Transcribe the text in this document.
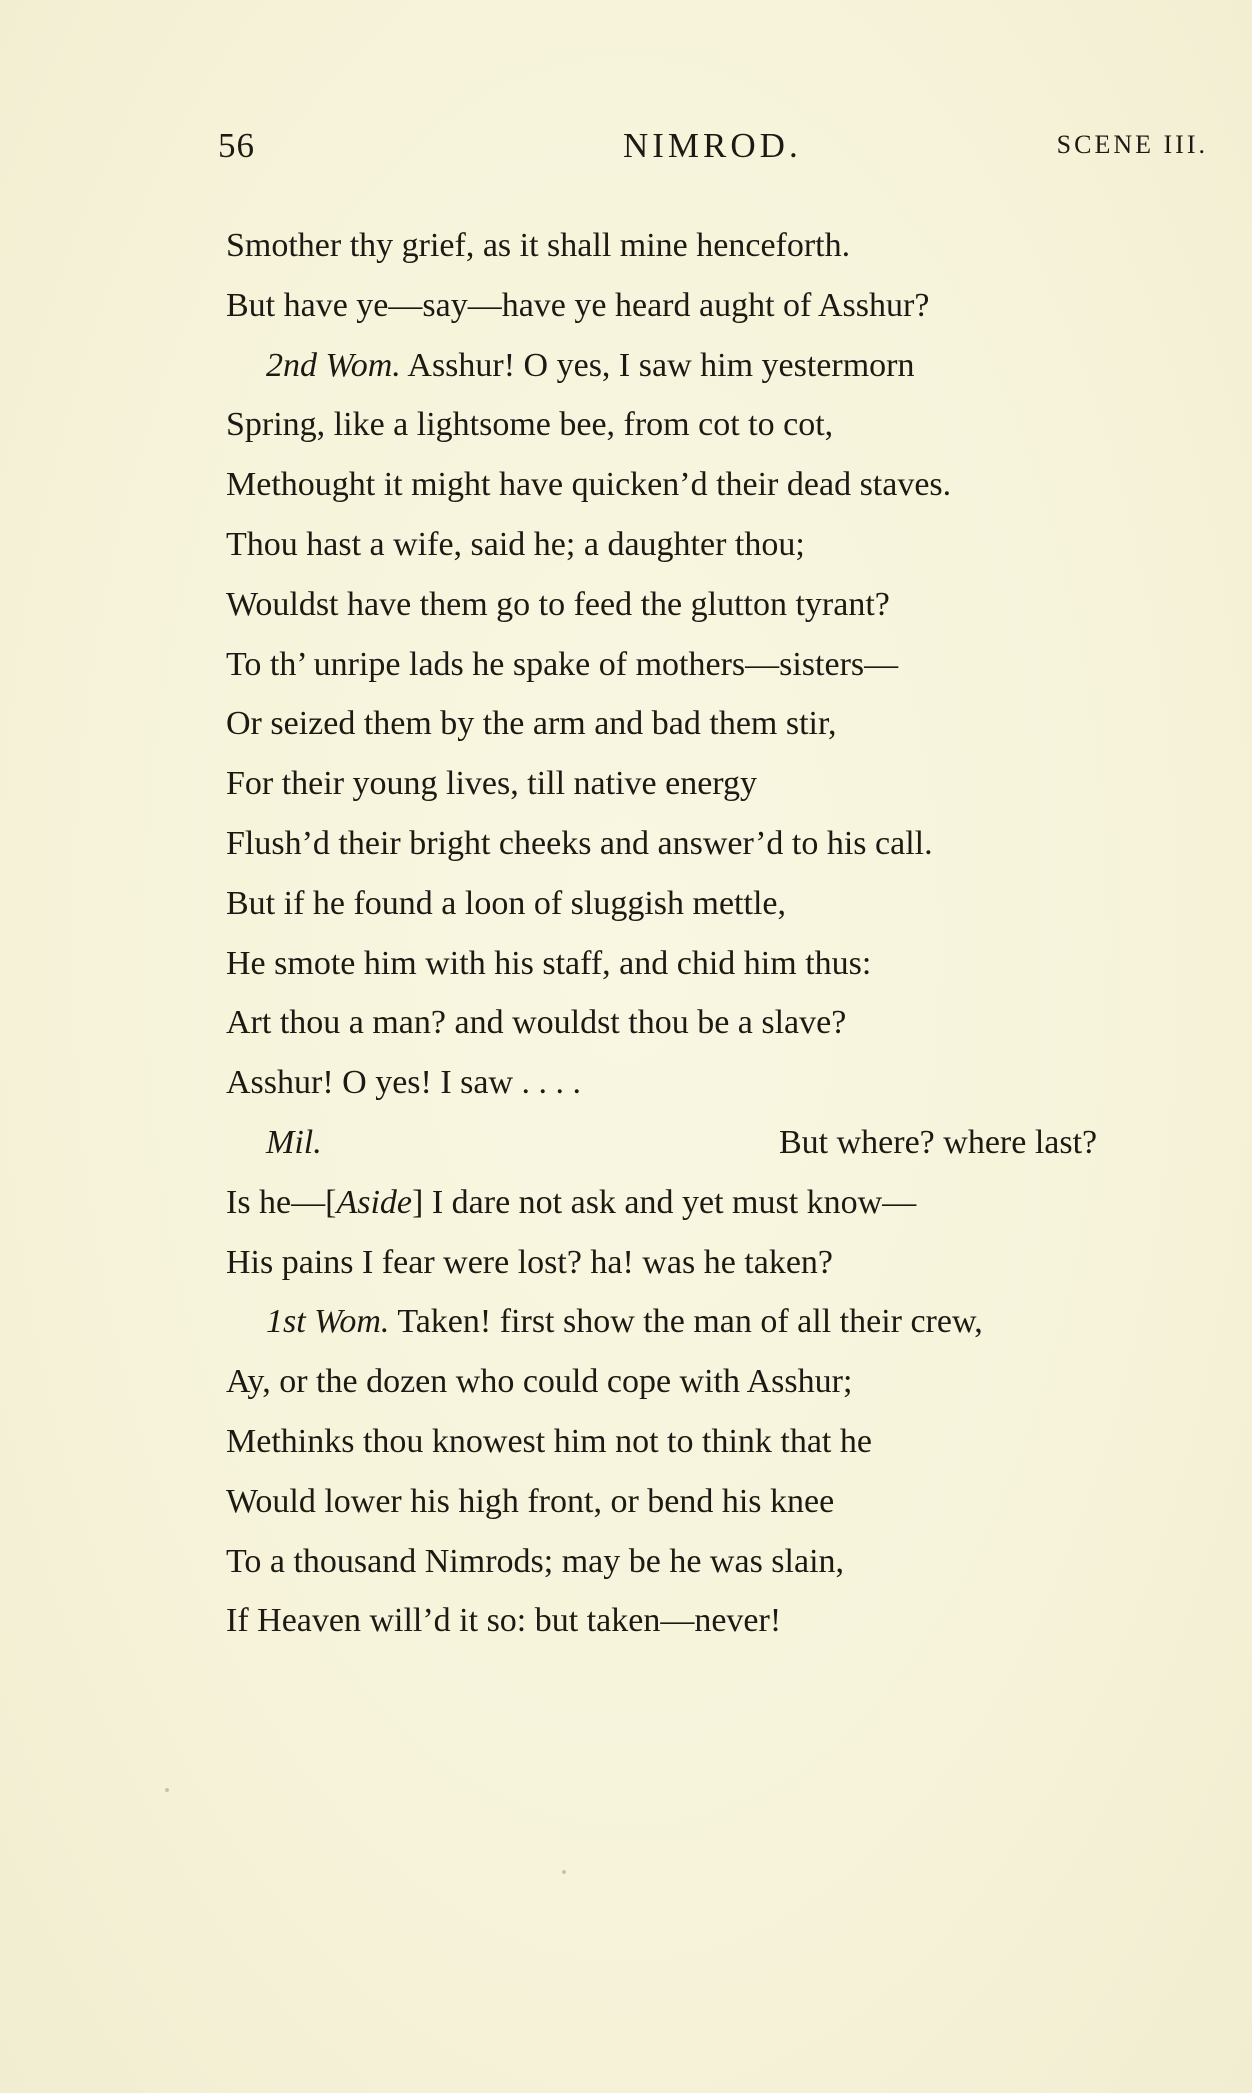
56	NIMROD.	SCENE III.
Smother thy grief, as it shall mine henceforth.
But have ye—say—have ye heard aught of Asshur?
2nd Wom. Asshur! O yes, I saw him yestermorn
Spring, like a lightsome bee, from cot to cot,
Methought it might have quicken’d their dead staves.
Thou hast a wife, said he; a daughter thou;
Wouldst have them go to feed the glutton tyrant?
To th’ unripe lads he spake of mothers—sisters—
Or seized them by the arm and bad them stir,
For their young lives, till native energy
Flush’d their bright cheeks and answer’d to his call.
But if he found a loon of sluggish mettle,
He smote him with his staff, and chid him thus:
Art thou a man? and wouldst thou be a slave?
Asshur! O yes! I saw . . . .
Mil.	But where? where last?
Is he—[Aside] I dare not ask and yet must know—
His pains I fear were lost? ha! was he taken?
1st Wom. Taken! first show the man of all their crew,
Ay, or the dozen who could cope with Asshur;
Methinks thou knowest him not to think that he
Would lower his high front, or bend his knee
To a thousand Nimrods; may be he was slain,
If Heaven will’d it so: but taken—never!
